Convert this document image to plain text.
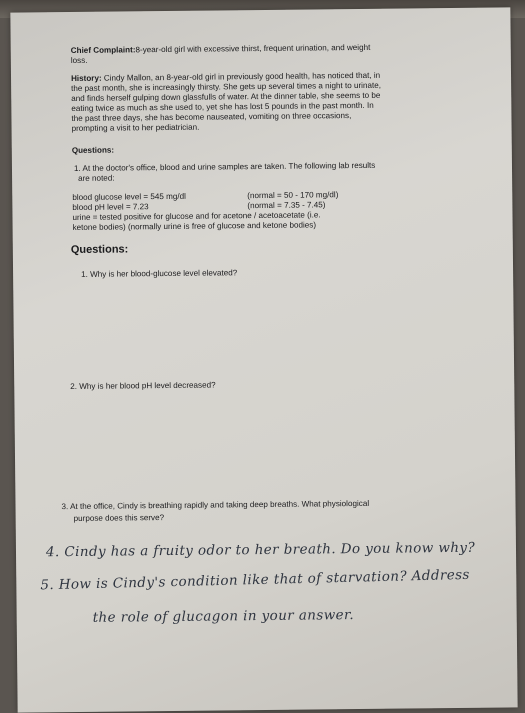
Chief Complaint:8-year-old girl with excessive thirst, frequent urination, and weight

loss.

History: Cindy Mallon, an 8-year-old girl in previously good health, has noticed that, in

the past month, she is increasingly thirsty. She gets up several times a night to urinate,

and finds herself gulping down glassfulls of water. At the dinner table, she seems to be

eating twice as much as she used to, yet she has lost 5 pounds in the past month. In

the past three days, she has become nauseated, vomiting on three occasions,

prompting a visit to her pediatrician.

Questions:

1. At the doctor's office, blood and urine samples are taken. The following lab results

are noted:

blood glucose level = 545 mg/dl	(normal = 50 - 170 mg/dl)
blood pH level = 7.23	(normal = 7.35 - 7.45)
urine = tested positive for glucose and for acetone / acetoacetate (i.e.
ketone bodies) (normally urine is free of glucose and ketone bodies)

Questions:

1. Why is her blood-glucose level elevated?

2. Why is her blood pH level decreased?

3. At the office, Cindy is breathing rapidly and taking deep breaths. What physiological

purpose does this serve?

4. Cindy has a fruity odor to her breath. Do you know why?
5. How is Cindy's condition like that of starvation? Address
the role of glucagon in your answer.
